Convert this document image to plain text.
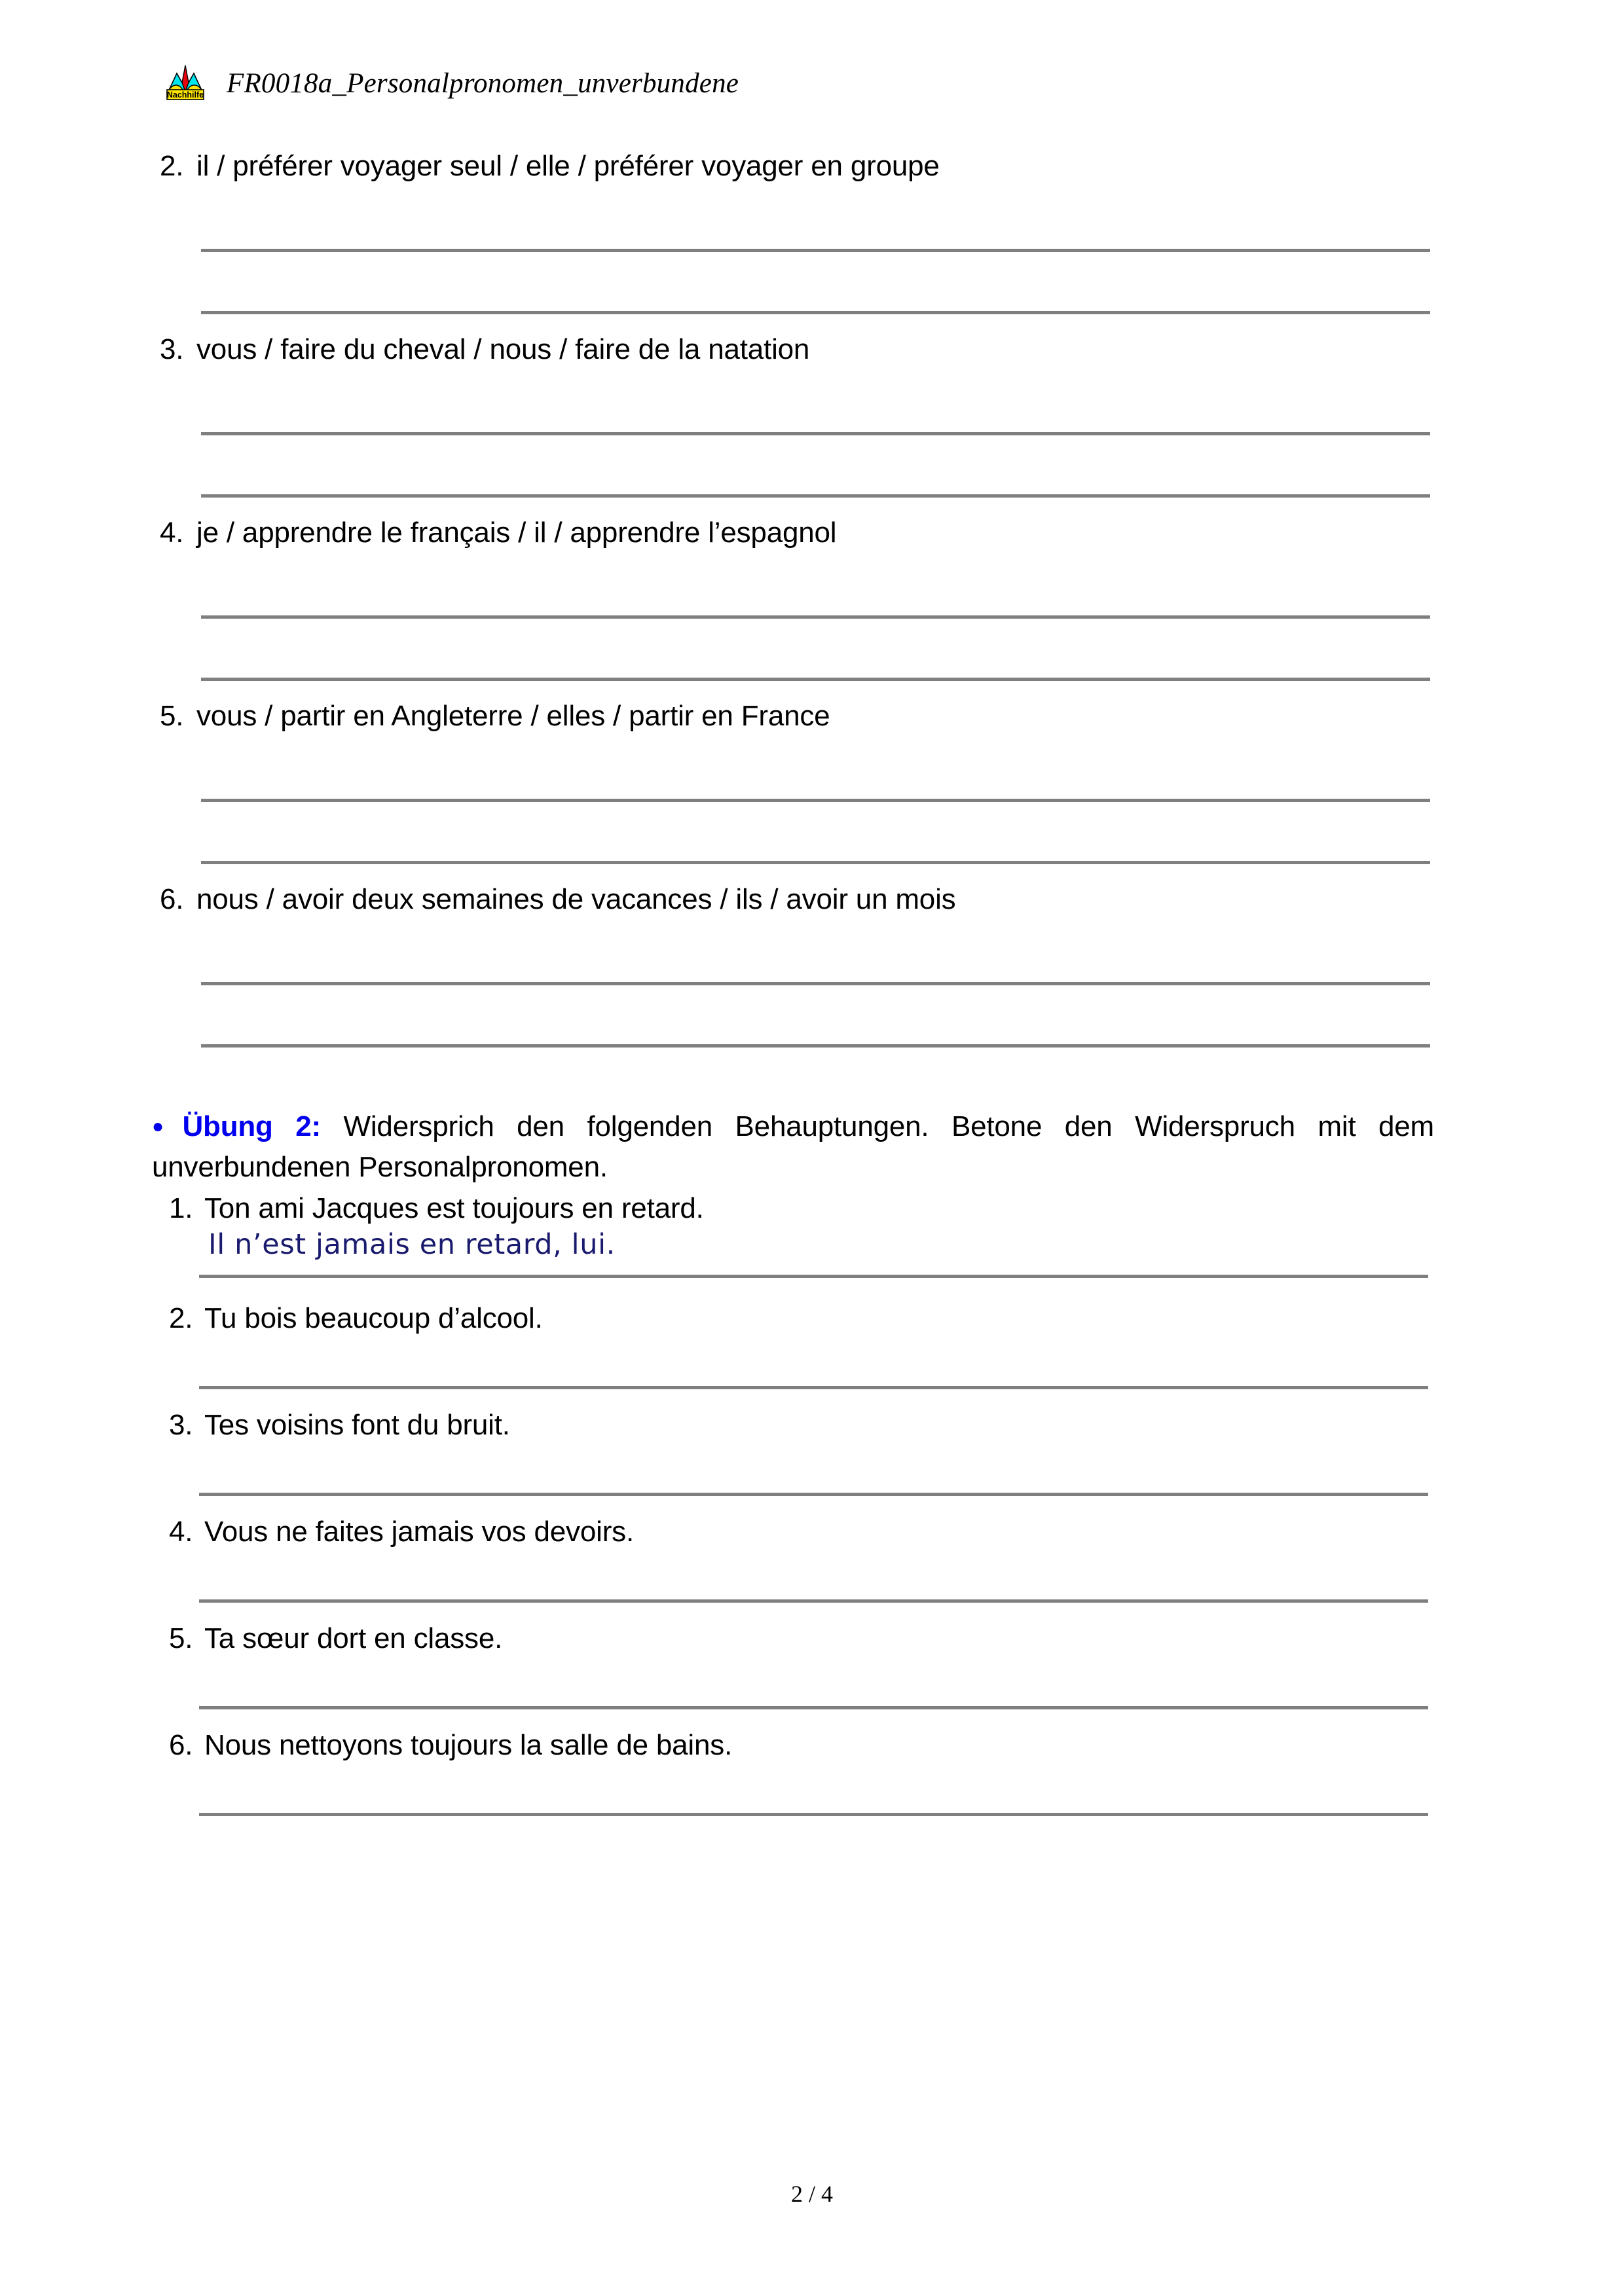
Nachhilfe FR0018a_Personalpronomen_unverbundene
2. il / préférer voyager seul / elle / préférer voyager en groupe
3. vous / faire du cheval / nous / faire de la natation
4. je / apprendre le français / il / apprendre l’espagnol
5. vous / partir en Angleterre / elles / partir en France
6. nous / avoir deux semaines de vacances / ils / avoir un mois
● Übung 2: Widersprich den folgenden Behauptungen. Betone den Widerspruch mit dem unverbundenen Personalpronomen.
1. Ton ami Jacques est toujours en retard.
Il n’est jamais en retard, lui.
2. Tu bois beaucoup d’alcool.
3. Tes voisins font du bruit.
4. Vous ne faites jamais vos devoirs.
5. Ta sœur dort en classe.
6. Nous nettoyons toujours la salle de bains.
2 / 4
